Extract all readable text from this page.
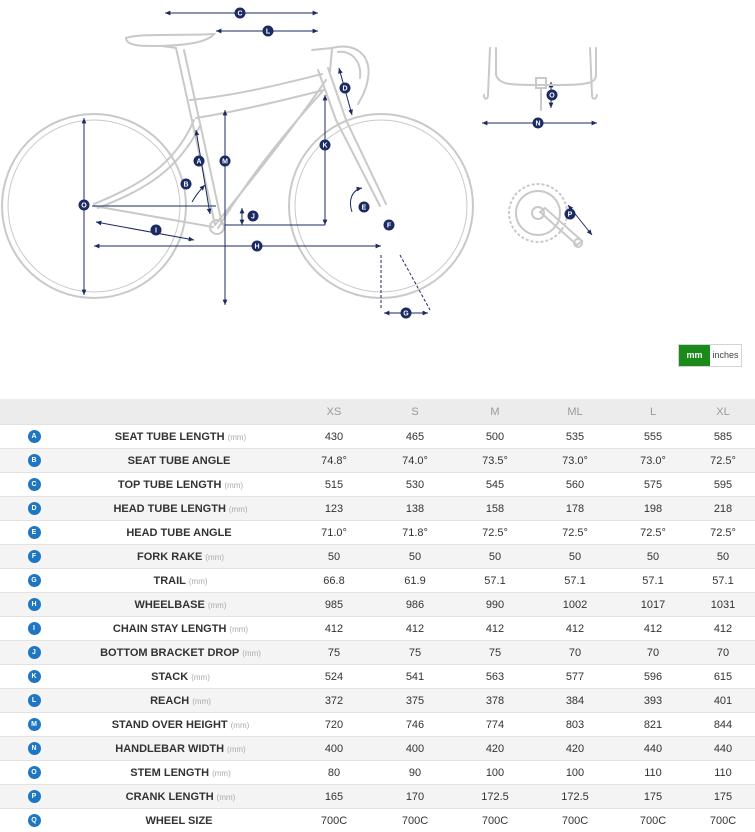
A
B
C
D
E
F
G
H
I
J
K
L
M
N
O
O
P
mm	inches
		XS	S	M	ML	L	XL
A	SEAT TUBE LENGTH (mm)	430	465	500	535	555	585
B	SEAT TUBE ANGLE	74.8°	74.0°	73.5°	73.0°	73.0°	72.5°
C	TOP TUBE LENGTH (mm)	515	530	545	560	575	595
D	HEAD TUBE LENGTH (mm)	123	138	158	178	198	218
E	HEAD TUBE ANGLE	71.0°	71.8°	72.5°	72.5°	72.5°	72.5°
F	FORK RAKE (mm)	50	50	50	50	50	50
G	TRAIL (mm)	66.8	61.9	57.1	57.1	57.1	57.1
H	WHEELBASE (mm)	985	986	990	1002	1017	1031
I	CHAIN STAY LENGTH (mm)	412	412	412	412	412	412
J	BOTTOM BRACKET DROP (mm)	75	75	75	70	70	70
K	STACK (mm)	524	541	563	577	596	615
L	REACH (mm)	372	375	378	384	393	401
M	STAND OVER HEIGHT (mm)	720	746	774	803	821	844
N	HANDLEBAR WIDTH (mm)	400	400	420	420	440	440
O	STEM LENGTH (mm)	80	90	100	100	110	110
P	CRANK LENGTH (mm)	165	170	172.5	172.5	175	175
Q	WHEEL SIZE	700C	700C	700C	700C	700C	700C
